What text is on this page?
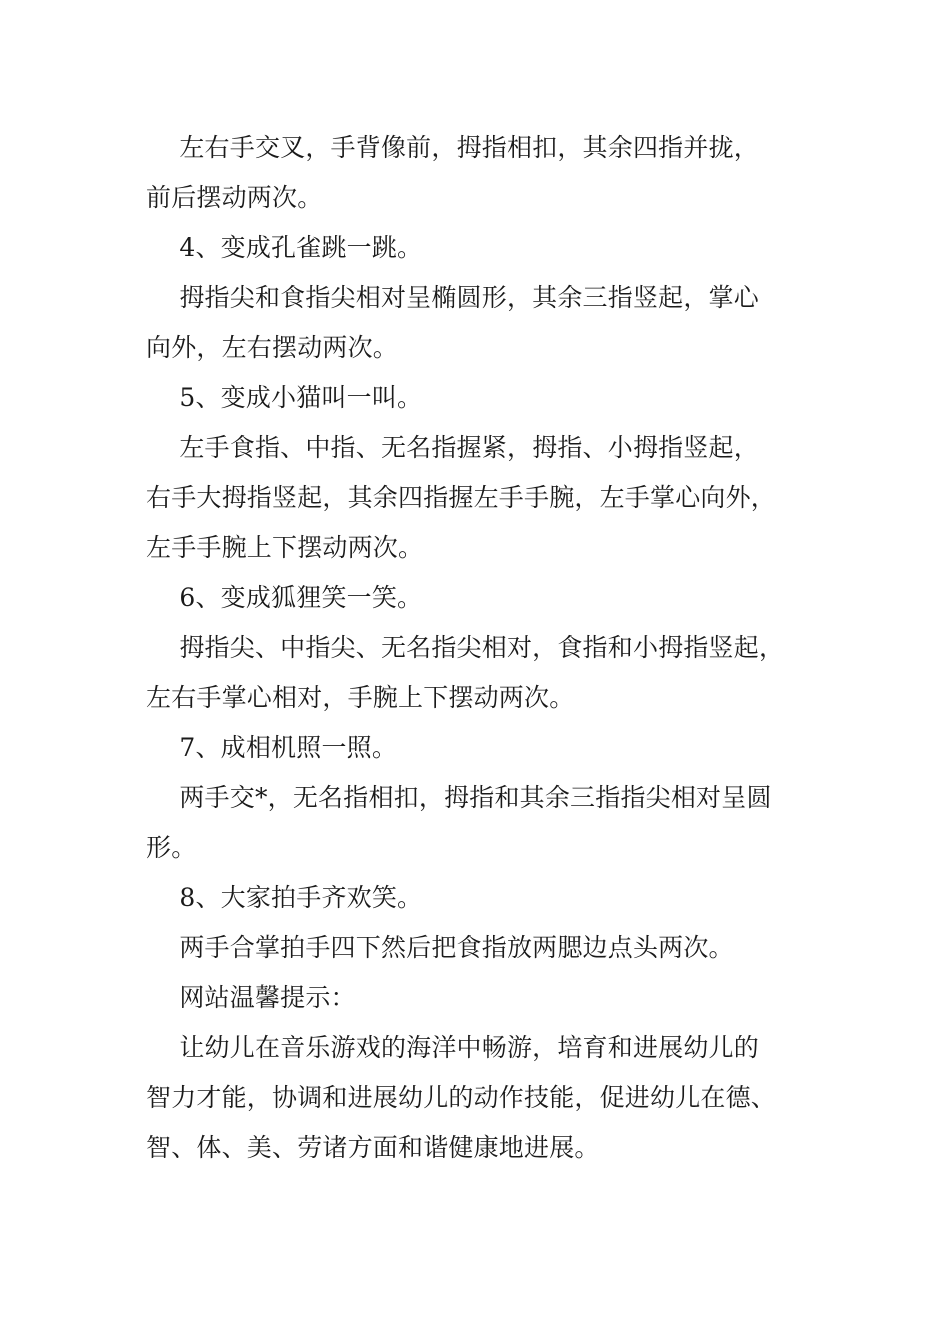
　 左右手交叉，手背像前，拇指相扣，其余四指并拢，
前后摆动两次。
　 4、变成孔雀跳一跳。
　 拇指尖和食指尖相对呈椭圆形，其余三指竖起，掌心
向外，左右摆动两次。
　 5、变成小猫叫一叫。
　 左手食指、中指、无名指握紧，拇指、小拇指竖起，
右手大拇指竖起，其余四指握左手手腕，左手掌心向外，
左手手腕上下摆动两次。
　 6、变成狐狸笑一笑。
　 拇指尖、中指尖、无名指尖相对，食指和小拇指竖起，
左右手掌心相对，手腕上下摆动两次。
　 7、成相机照一照。
　 两手交*，无名指相扣，拇指和其余三指指尖相对呈圆
形。
　 8、大家拍手齐欢笑。
　 两手合掌拍手四下然后把食指放两腮边点头两次。
　 网站温馨提示：
　 让幼儿在音乐游戏的海洋中畅游，培育和进展幼儿的
智力才能，协调和进展幼儿的动作技能，促进幼儿在德、
智、体、美、劳诸方面和谐健康地进展。
